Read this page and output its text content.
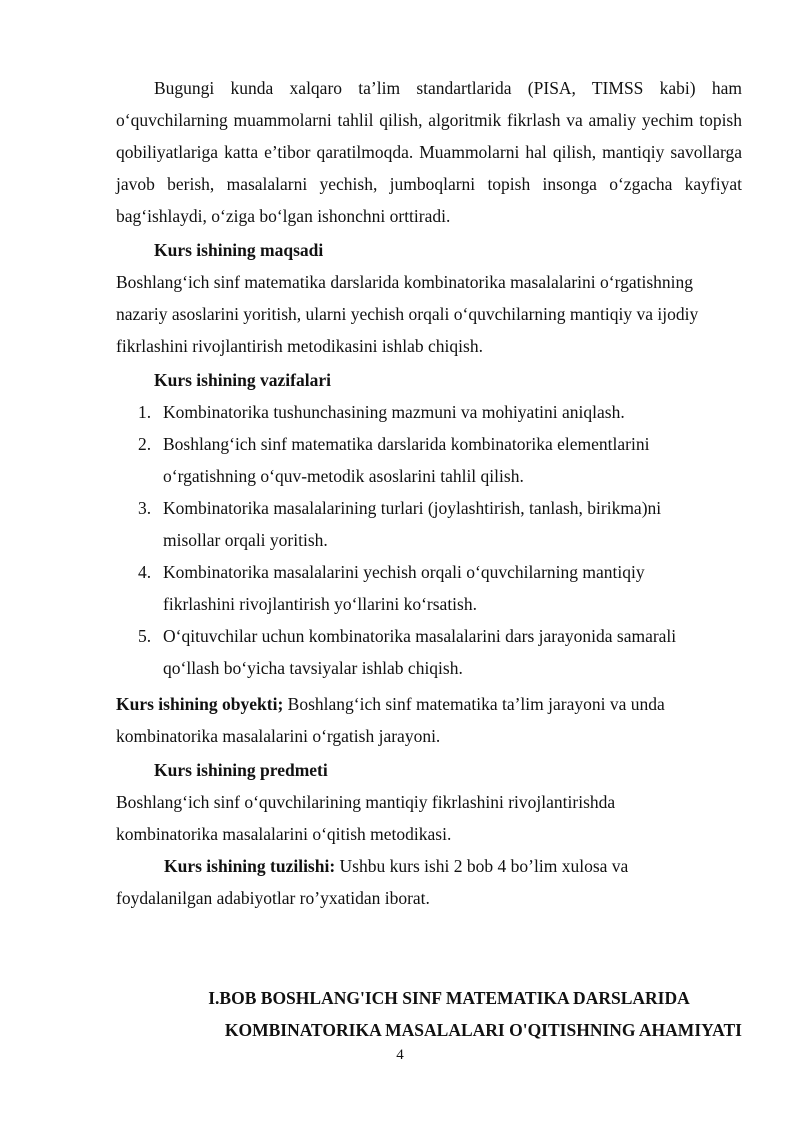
Bugungi kunda xalqaro ta’lim standartlarida (PISA, TIMSS kabi) ham o‘quvchilarning muammolarni tahlil qilish, algoritmik fikrlash va amaliy yechim topish qobiliyatlariga katta e’tibor qaratilmoqda. Muammolarni hal qilish, mantiqiy savollarga javob berish, masalalarni yechish, jumboqlarni topish insonga o‘zgacha kayfiyat bag‘ishlaydi, o‘ziga bo‘lgan ishonchni orttiradi.

Kurs ishining maqsadi

Boshlang‘ich sinf matematika darslarida kombinatorika masalalarini o‘rgatishning nazariy asoslarini yoritish, ularni yechish orqali o‘quvchilarning mantiqiy va ijodiy fikrlashini rivojlantirish metodikasini ishlab chiqish.

Kurs ishining vazifalari
1. Kombinatorika tushunchasining mazmuni va mohiyatini aniqlash.
2. Boshlang‘ich sinf matematika darslarida kombinatorika elementlarini o‘rgatishning o‘quv-metodik asoslarini tahlil qilish.
3. Kombinatorika masalalarining turlari (joylashtirish, tanlash, birikma)ni misollar orqali yoritish.
4. Kombinatorika masalalarini yechish orqali o‘quvchilarning mantiqiy fikrlashini rivojlantirish yo‘llarini ko‘rsatish.
5. O‘qituvchilar uchun kombinatorika masalalarini dars jarayonida samarali qo‘llash bo‘yicha tavsiyalar ishlab chiqish.

Kurs ishining obyekti; Boshlang‘ich sinf matematika ta’lim jarayoni va unda kombinatorika masalalarini o‘rgatish jarayoni.

Kurs ishining predmeti

Boshlang‘ich sinf o‘quvchilarining mantiqiy fikrlashini rivojlantirishda kombinatorika masalalarini o‘qitish metodikasi.

Kurs ishining tuzilishi: Ushbu kurs ishi 2 bob 4 bo’lim xulosa va foydalanilgan adabiyotlar ro’yxatidan iborat.

I.BOB BOSHLANG'ICH SINF MATEMATIKA DARSLARIDA
KOMBINATORIKA MASALALARI O'QITISHNING AHAMIYATI
4
